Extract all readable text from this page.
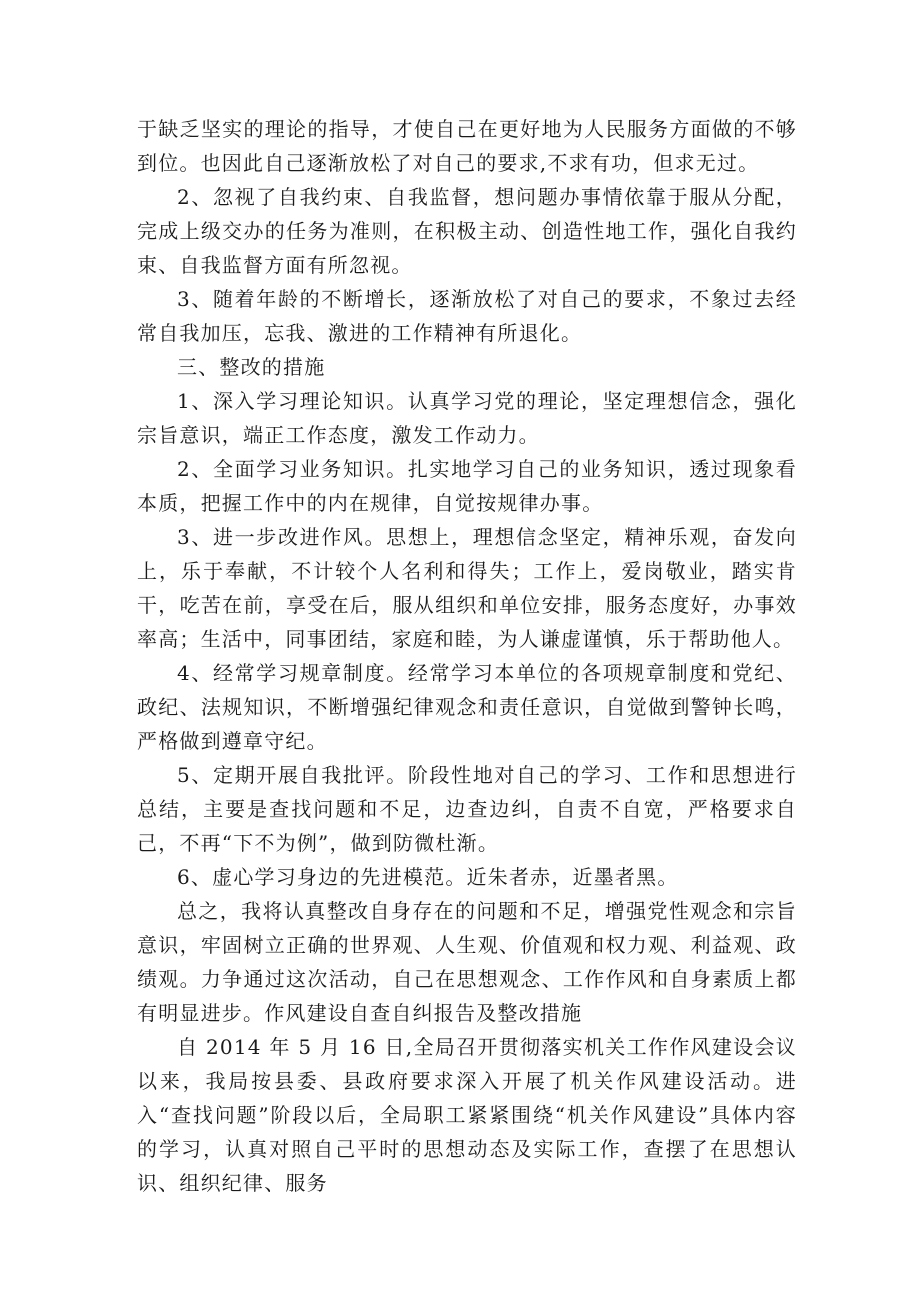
于缺乏坚实的理论的指导，才使自己在更好地为人民服务方面做的不够到位。也因此自己逐渐放松了对自己的要求,不求有功，但求无过。

2、忽视了自我约束、自我监督，想问题办事情依靠于服从分配，完成上级交办的任务为准则，在积极主动、创造性地工作，强化自我约束、自我监督方面有所忽视。

3、随着年龄的不断增长，逐渐放松了对自己的要求，不象过去经常自我加压，忘我、激进的工作精神有所退化。

三、整改的措施

1、深入学习理论知识。认真学习党的理论，坚定理想信念，强化宗旨意识，端正工作态度，激发工作动力。

2、全面学习业务知识。扎实地学习自己的业务知识，透过现象看本质，把握工作中的内在规律，自觉按规律办事。

3、进一步改进作风。思想上，理想信念坚定，精神乐观，奋发向上，乐于奉献，不计较个人名利和得失；工作上，爱岗敬业，踏实肯干，吃苦在前，享受在后，服从组织和单位安排，服务态度好，办事效率高；生活中，同事团结，家庭和睦，为人谦虚谨慎，乐于帮助他人。

4、经常学习规章制度。经常学习本单位的各项规章制度和党纪、政纪、法规知识，不断增强纪律观念和责任意识，自觉做到警钟长鸣，严格做到遵章守纪。

5、定期开展自我批评。阶段性地对自己的学习、工作和思想进行总结，主要是查找问题和不足，边查边纠，自责不自宽，严格要求自己，不再“下不为例”，做到防微杜渐。

6、虚心学习身边的先进模范。近朱者赤，近墨者黑。

总之，我将认真整改自身存在的问题和不足，增强党性观念和宗旨意识，牢固树立正确的世界观、人生观、价值观和权力观、利益观、政绩观。力争通过这次活动，自己在思想观念、工作作风和自身素质上都有明显进步。作风建设自查自纠报告及整改措施

自 2014 年 5 月 16 日,全局召开贯彻落实机关工作作风建设会议以来，我局按县委、县政府要求深入开展了机关作风建设活动。进入“查找问题”阶段以后，全局职工紧紧围绕“机关作风建设”具体内容的学习，认真对照自己平时的思想动态及实际工作，查摆了在思想认识、组织纪律、服务
